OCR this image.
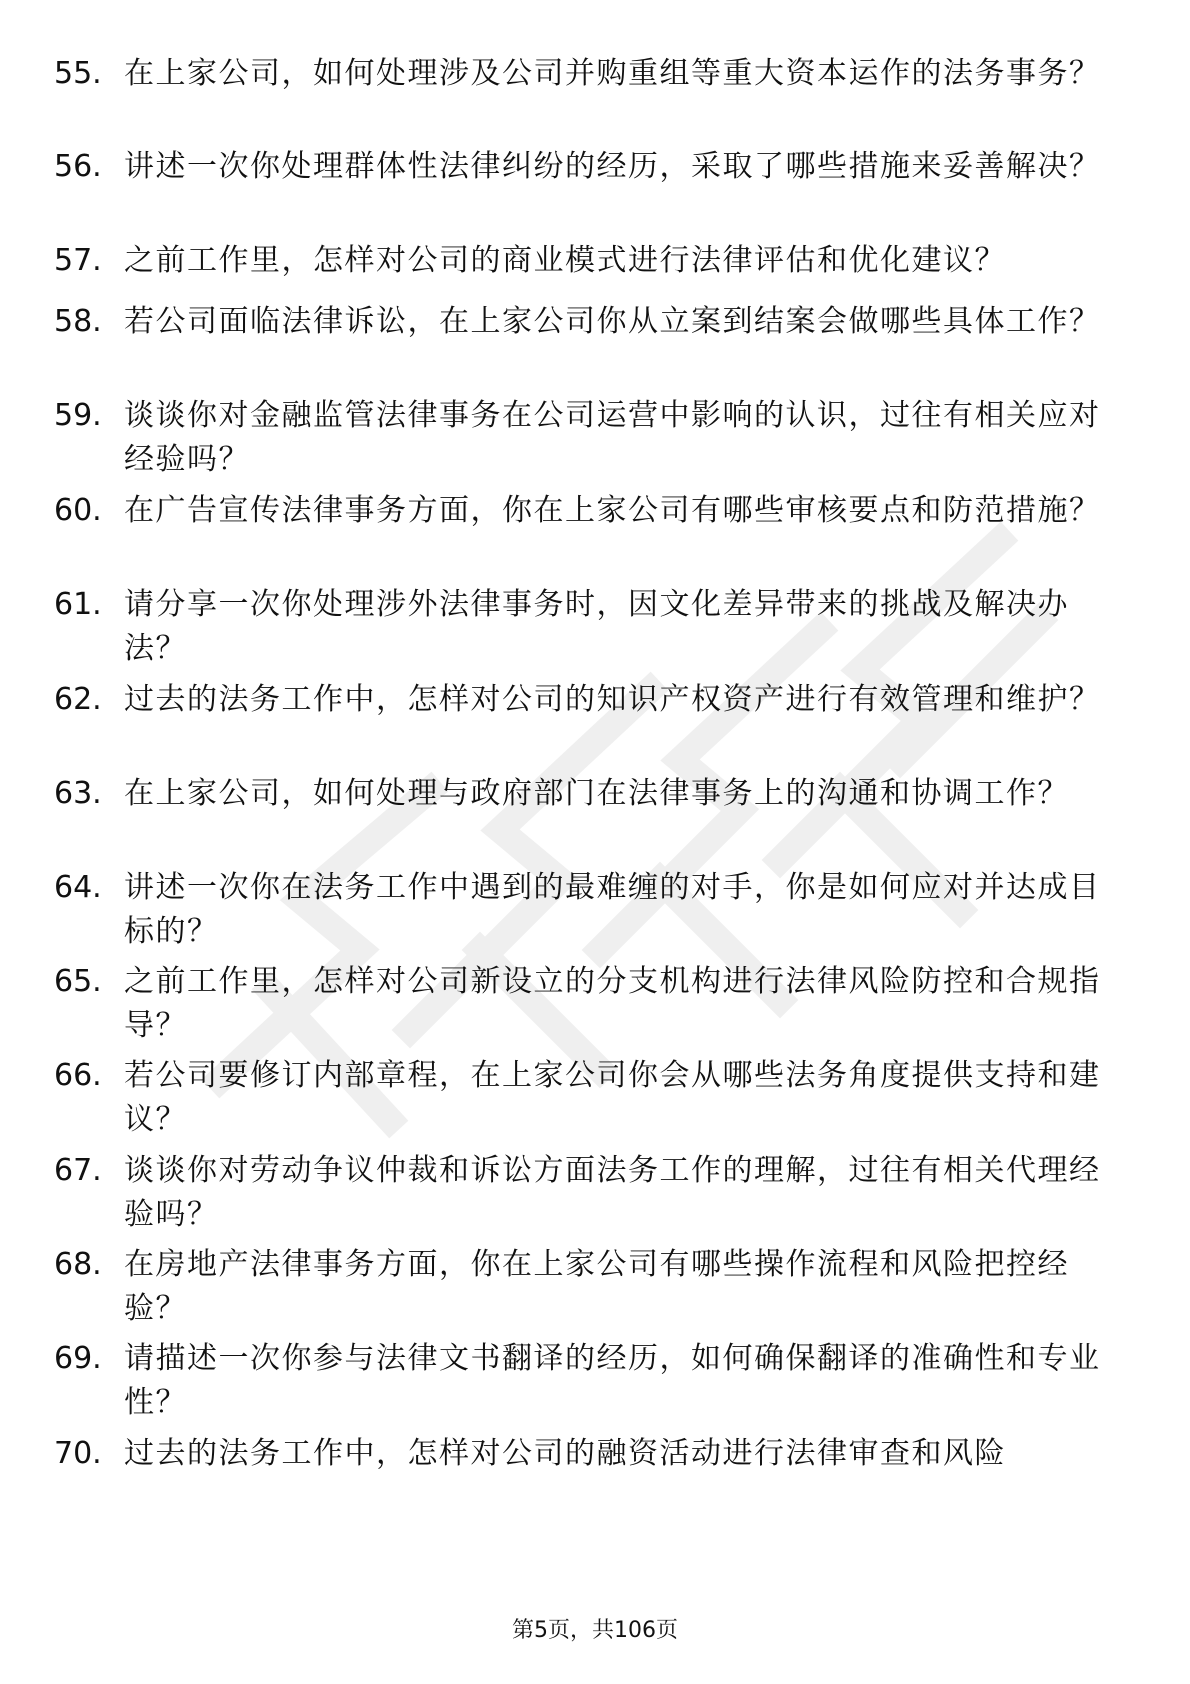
55. 在上家公司，如何处理涉及公司并购重组等重大资本运作的法务事务？
56. 讲述一次你处理群体性法律纠纷的经历，采取了哪些措施来妥善解决？
57. 之前工作里，怎样对公司的商业模式进行法律评估和优化建议？
58. 若公司面临法律诉讼，在上家公司你从立案到结案会做哪些具体工作？
59. 谈谈你对金融监管法律事务在公司运营中影响的认识，过往有相关应对经验吗？
60. 在广告宣传法律事务方面，你在上家公司有哪些审核要点和防范措施？
61. 请分享一次你处理涉外法律事务时，因文化差异带来的挑战及解决办法？
62. 过去的法务工作中，怎样对公司的知识产权资产进行有效管理和维护？
63. 在上家公司，如何处理与政府部门在法律事务上的沟通和协调工作？
64. 讲述一次你在法务工作中遇到的最难缠的对手，你是如何应对并达成目标的？
65. 之前工作里，怎样对公司新设立的分支机构进行法律风险防控和合规指导？
66. 若公司要修订内部章程，在上家公司你会从哪些法务角度提供支持和建议？
67. 谈谈你对劳动争议仲裁和诉讼方面法务工作的理解，过往有相关代理经验吗？
68. 在房地产法律事务方面，你在上家公司有哪些操作流程和风险把控经验？
69. 请描述一次你参与法律文书翻译的经历，如何确保翻译的准确性和专业性？
70. 过去的法务工作中，怎样对公司的融资活动进行法律审查和风险
第5页，共106页
